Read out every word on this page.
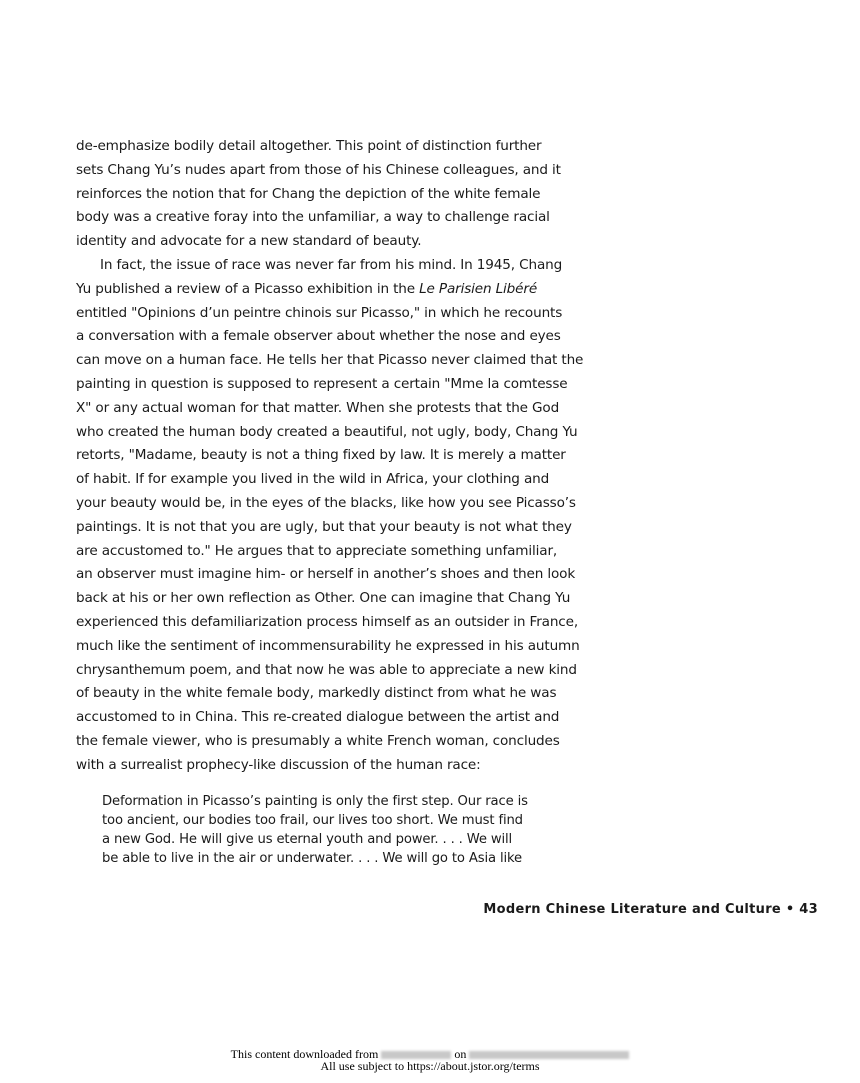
de-emphasize bodily detail altogether. This point of distinction further
sets Chang Yu’s nudes apart from those of his Chinese colleagues, and it
reinforces the notion that for Chang the depiction of the white female
body was a creative foray into the unfamiliar, a way to challenge racial
identity and advocate for a new standard of beauty.
In fact, the issue of race was never far from his mind. In 1945, Chang
Yu published a review of a Picasso exhibition in the Le Parisien Libéré
entitled "Opinions d’un peintre chinois sur Picasso," in which he recounts
a conversation with a female observer about whether the nose and eyes
can move on a human face. He tells her that Picasso never claimed that the
painting in question is supposed to represent a certain "Mme la comtesse
X" or any actual woman for that matter. When she protests that the God
who created the human body created a beautiful, not ugly, body, Chang Yu
retorts, "Madame, beauty is not a thing fixed by law. It is merely a matter
of habit. If for example you lived in the wild in Africa, your clothing and
your beauty would be, in the eyes of the blacks, like how you see Picasso’s
paintings. It is not that you are ugly, but that your beauty is not what they
are accustomed to." He argues that to appreciate something unfamiliar,
an observer must imagine him- or herself in another’s shoes and then look
back at his or her own reflection as Other. One can imagine that Chang Yu
experienced this defamiliarization process himself as an outsider in France,
much like the sentiment of incommensurability he expressed in his autumn
chrysanthemum poem, and that now he was able to appreciate a new kind
of beauty in the white female body, markedly distinct from what he was
accustomed to in China. This re-created dialogue between the artist and
the female viewer, who is presumably a white French woman, concludes
with a surrealist prophecy-like discussion of the human race:
Deformation in Picasso’s painting is only the first step. Our race is
too ancient, our bodies too frail, our lives too short. We must find
a new God. He will give us eternal youth and power. . . . We will
be able to live in the air or underwater. . . . We will go to Asia like
Modern Chinese Literature and Culture • 43
This content downloaded from	on
All use subject to https://about.jstor.org/terms
